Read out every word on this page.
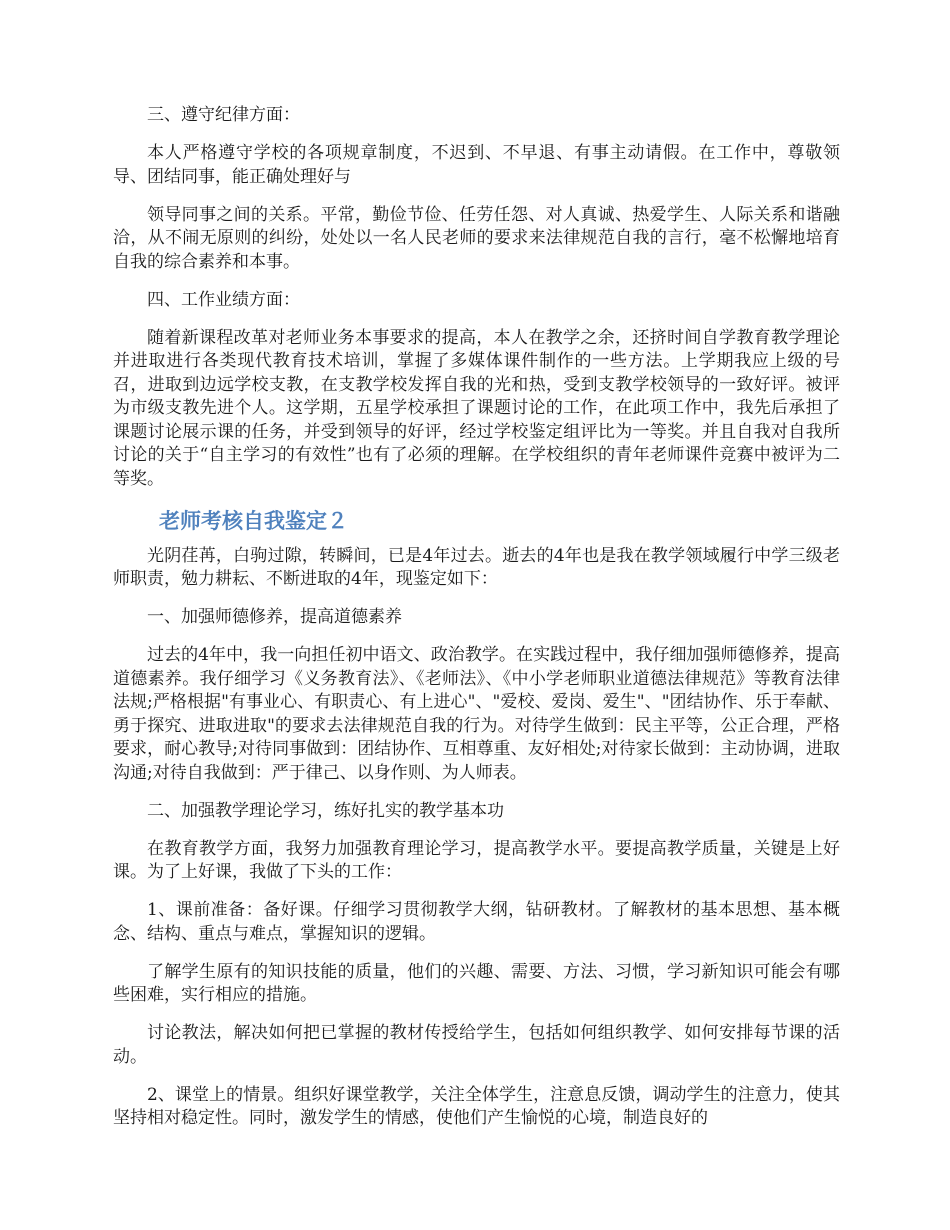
三、遵守纪律方面：

本人严格遵守学校的各项规章制度，不迟到、不早退、有事主动请假。在工作中，尊敬领导、团结同事，能正确处理好与

领导同事之间的关系。平常，勤俭节俭、任劳任怨、对人真诚、热爱学生、人际关系和谐融洽，从不闹无原则的纠纷，处处以一名人民老师的要求来法律规范自我的言行，毫不松懈地培育自我的综合素养和本事。

四、工作业绩方面：

随着新课程改革对老师业务本事要求的提高，本人在教学之余，还挤时间自学教育教学理论并进取进行各类现代教育技术培训，掌握了多媒体课件制作的一些方法。上学期我应上级的号召，进取到边远学校支教，在支教学校发挥自我的光和热，受到支教学校领导的一致好评。被评为市级支教先进个人。这学期，五星学校承担了课题讨论的工作，在此项工作中，我先后承担了课题讨论展示课的任务，并受到领导的好评，经过学校鉴定组评比为一等奖。并且自我对自我所讨论的关于“自主学习的有效性”也有了必须的理解。在学校组织的青年老师课件竞赛中被评为二等奖。

老师考核自我鉴定２

光阴荏苒，白驹过隙，转瞬间，已是4年过去。逝去的4年也是我在教学领域履行中学三级老师职责，勉力耕耘、不断进取的4年，现鉴定如下：

一、加强师德修养，提高道德素养

过去的4年中，我一向担任初中语文、政治教学。在实践过程中，我仔细加强师德修养，提高道德素养。我仔细学习《义务教育法》、《老师法》、《中小学老师职业道德法律规范》等教育法律法规;严格根据"有事业心、有职责心、有上进心"、"爱校、爱岗、爱生"、"团结协作、乐于奉献、勇于探究、进取进取"的要求去法律规范自我的行为。对待学生做到：民主平等，公正合理，严格要求，耐心教导;对待同事做到：团结协作、互相尊重、友好相处;对待家长做到：主动协调，进取沟通;对待自我做到：严于律己、以身作则、为人师表。

二、加强教学理论学习，练好扎实的教学基本功

在教育教学方面，我努力加强教育理论学习，提高教学水平。要提高教学质量，关键是上好课。为了上好课，我做了下头的工作：

1、课前准备：备好课。仔细学习贯彻教学大纲，钻研教材。了解教材的基本思想、基本概念、结构、重点与难点，掌握知识的逻辑。

了解学生原有的知识技能的质量，他们的兴趣、需要、方法、习惯，学习新知识可能会有哪些困难，实行相应的措施。

讨论教法，解决如何把已掌握的教材传授给学生，包括如何组织教学、如何安排每节课的活动。

2、课堂上的情景。组织好课堂教学，关注全体学生，注意息反馈，调动学生的注意力，使其坚持相对稳定性。同时，激发学生的情感，使他们产生愉悦的心境，制造良好的
